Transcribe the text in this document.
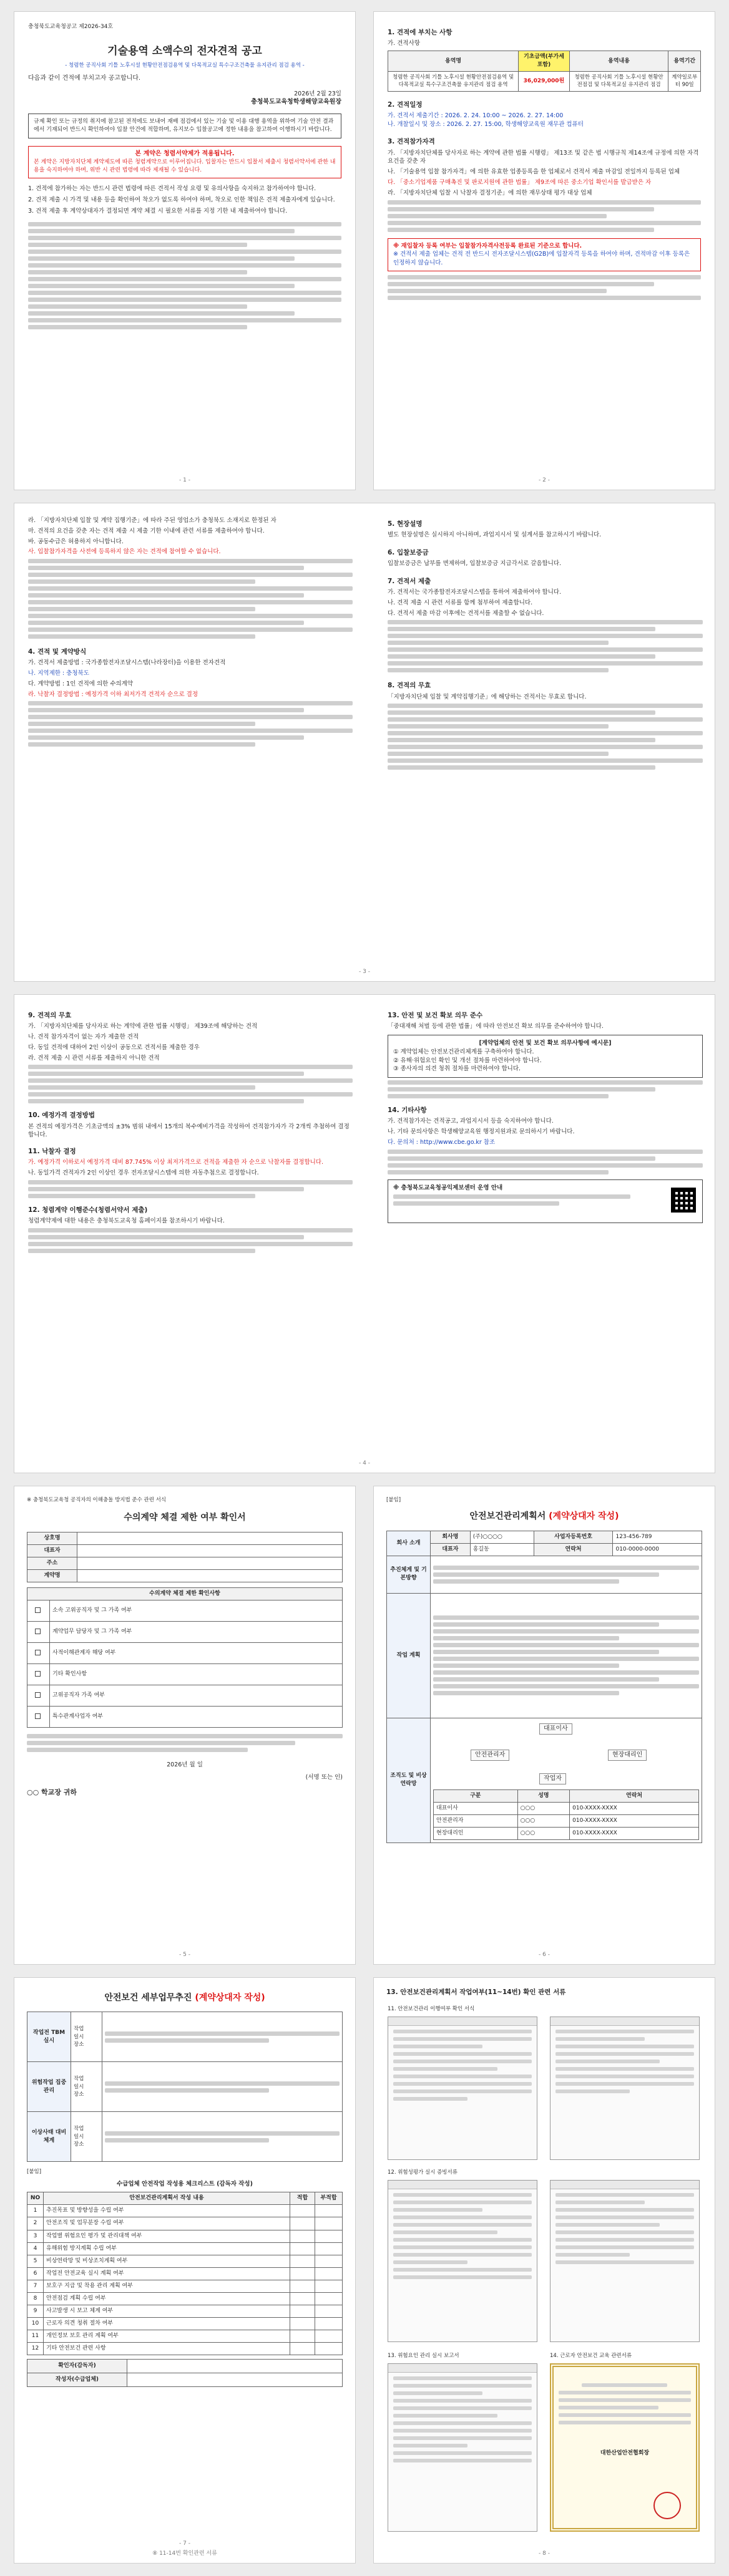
충청북도교육청공고 제2026-34호
기술용역 소액수의 전자견적 공고
- 청렴한 공직사회 기틀 노후시설 현황안전점검용역 및 다목적교실 특수구조건축물 유지관리 점검 용역 -
다음과 같이 견적에 부치고자 공고합니다.
2026년 2월 23일
충청북도교육청학생해양교육원장
규제 확인 또는 규정의 취지에 참고된 전적에도 보내어 재배 점검에서 있는 기술 및 이용 대행 용역을 위하여 기술 안전 결과에서 기재되어 반드시 확인하여야 입찰 안건에 적합하며, 유지보수 입찰공고에 정한 내용을 참고하여 이행하시기 바랍니다.
본 계약은 청렴서약제가 적용됩니다.
본 계약은 지방자치단체 계약제도에 따른 청렴계약으로 이루어집니다. 입찰자는 반드시 입찰서 제출시 청렴서약서에 관한 내용을 숙지하여야 하며, 위반 시 관련 법령에 따라 제재될 수 있습니다.
1. 견적에 참가하는 자는 반드시 관련 법령에 따른 견적서 작성 요령 및 유의사항을 숙지하고 참가하여야 합니다.
2. 견적 제출 시 가격 및 내용 등을 확인하여 착오가 없도록 하여야 하며, 착오로 인한 책임은 견적 제출자에게 있습니다.
3. 견적 제출 후 계약상대자가 결정되면 계약 체결 시 필요한 서류를 지정 기한 내 제출하여야 합니다.
- 1 -
1. 견적에 부치는 사항
가. 견적사항
용역명	기초금액(부가세포함)	용역내용	용역기간
청렴한 공직사회 기틀 노후시설 현황안전점검용역 및 다목적교실 특수구조건축물 유지관리 점검 용역	36,029,000원	청렴한 공직사회 기틀 노후시설 현황안전점검 및 다목적교실 유지관리 점검	계약일로부터 90일
2. 견적일정
가. 견적서 제출기간 : 2026. 2. 24. 10:00 ~ 2026. 2. 27. 14:00
나. 개찰일시 및 장소 : 2026. 2. 27. 15:00, 학생해양교육원 재무관 컴퓨터
3. 견적참가자격
가. 「지방자치단체를 당사자로 하는 계약에 관한 법률 시행령」 제13조 및 같은 법 시행규칙 제14조에 규정에 의한 자격요건을 갖춘 자
나. 「기술용역 입찰 참가자격」에 의한 유효한 업종등록을 한 업체로서 견적서 제출 마감일 전일까지 등록된 업체
다. 「중소기업제품 구매촉진 및 판로지원에 관한 법률」 제9조에 따른 중소기업 확인서를 발급받은 자
라. 「지방자치단체 입찰 시 낙찰자 결정기준」에 의한 재무상태 평가 대상 업체
※ 재입찰자 등록 여부는 입찰참가자격사전등록 완료된 기준으로 합니다.
※ 견적서 제출 업체는 견적 전 반드시 전자조달시스템(G2B)에 입찰자격 등록을 하여야 하며, 견적마감 이후 등록은 인정하지 않습니다.
- 2 -
라. 「지방자치단체 입찰 및 계약 집행기준」에 따라 주된 영업소가 충청북도 소재지로 한정된 자
마. 견적의 요건을 갖춘 자는 견적 제출 시 제출 기한 이내에 관련 서류를 제출하여야 합니다.
바. 공동수급은 허용하지 아니합니다.
사. 입찰참가자격을 사전에 등록하지 않은 자는 견적에 참여할 수 없습니다.
4. 견적 및 계약방식
가. 견적서 제출방법 : 국가종합전자조달시스템(나라장터)을 이용한 전자견적
나. 지역제한 : 충청북도
다. 계약방법 : 1인 견적에 의한 수의계약
라. 낙찰자 결정방법 : 예정가격 이하 최저가격 견적자 순으로 결정
5. 현장설명
별도 현장설명은 실시하지 아니하며, 과업지시서 및 설계서를 참고하시기 바랍니다.
6. 입찰보증금
입찰보증금은 납부를 면제하며, 입찰보증금 지급각서로 갈음합니다.
7. 견적서 제출
가. 견적서는 국가종합전자조달시스템을 통하여 제출하여야 합니다.
나. 견적 제출 시 관련 서류를 함께 첨부하여 제출합니다.
다. 견적서 제출 마감 이후에는 견적서를 제출할 수 없습니다.
8. 견적의 무효
「지방자치단체 입찰 및 계약집행기준」에 해당하는 견적서는 무효로 합니다.
- 3 -
9. 견적의 무효
가. 「지방자치단체를 당사자로 하는 계약에 관한 법률 시행령」 제39조에 해당하는 견적
나. 견적 참가자격이 없는 자가 제출한 견적
다. 동일 견적에 대하여 2인 이상이 공동으로 견적서를 제출한 경우
라. 견적 제출 시 관련 서류를 제출하지 아니한 견적
10. 예정가격 결정방법
본 견적의 예정가격은 기초금액의 ±3% 범위 내에서 15개의 복수예비가격을 작성하여 견적참가자가 각 2개씩 추첨하여 결정합니다.
11. 낙찰자 결정
가. 예정가격 이하로서 예정가격 대비 87.745% 이상 최저가격으로 견적을 제출한 자 순으로 낙찰자를 결정합니다.
나. 동일가격 견적자가 2인 이상인 경우 전자조달시스템에 의한 자동추첨으로 결정합니다.
12. 청렴계약 이행준수(청렴서약서 제출)
청렴계약제에 대한 내용은 충청북도교육청 홈페이지를 참조하시기 바랍니다.
13. 안전 및 보건 확보 의무 준수
「중대재해 처벌 등에 관한 법률」에 따라 안전보건 확보 의무를 준수하여야 합니다.
[계약업체의 안전 및 보건 확보 의무사항에 예시문]
① 계약업체는 안전보건관리체계를 구축하여야 합니다.
② 유해·위험요인 확인 및 개선 절차를 마련하여야 합니다.
③ 종사자의 의견 청취 절차를 마련하여야 합니다.
14. 기타사항
가. 견적참가자는 견적공고, 과업지시서 등을 숙지하여야 합니다.
나. 기타 문의사항은 학생해양교육원 행정지원과로 문의하시기 바랍니다.
다. 문의처 : http://www.cbe.go.kr 참조
※ 충청북도교육청공익제보센터 운영 안내
- 4 -
※ 충청북도교육청 공직자의 이해충돌 방지법 준수 관련 서식
수의계약 체결 제한 여부 확인서
상호명	
대표자	
주소	
계약명	
수의계약 체결 제한 확인사항	
	소속 고위공직자 및 그 가족 여부
	계약업무 담당자 및 그 가족 여부
	사적이해관계자 해당 여부
	기타 확인사항
	고위공직자 가족 여부
	특수관계사업자 여부
2026년 월 일
(서명 또는 인)
○○ 학교장 귀하
- 5 -
[붙임]
안전보건관리계획서 (계약상대자 작성)
회사 소개	회사명	(주)○○○○	사업자등록번호	123-456-789
대표자	홍길동	연락처	010-0000-0000
추진체계 및 기본방향	

작업 계획	

조직도 및 비상연락망	
대표이사
안전관리자	현장대리인
작업자
구분	성명	연락처
대표이사	○○○	010-XXXX-XXXX
안전관리자	○○○	010-XXXX-XXXX
현장대리인	○○○	010-XXXX-XXXX
- 6 -
안전보건 세부업무추진 (계약상대자 작성)
작업전 TBM 실시	작업
일시
장소	

위험작업 집중관리	작업
일시
장소	

이상사태 대비 체계	작업
일시
장소	

[붙임]
수급업체 안전작업 작성용 체크리스트 (감독자 작성)
NO	안전보건관리계획서 작성 내용	적합	부적합
1	추진목표 및 방향성을 수립 여부		
2	안전조직 및 업무분장 수립 여부		
3	작업별 위험요인 평가 및 관리대책 여부		
4	유해위험 방지계획 수립 여부		
5	비상연락망 및 비상조치계획 여부		
6	작업전 안전교육 실시 계획 여부		
7	보호구 지급 및 착용 관리 계획 여부		
8	안전점검 계획 수립 여부		
9	사고발생 시 보고 체계 여부		
10	근로자 의견 청취 절차 여부		
11	개인정보 보호 관리 계획 여부		
12	기타 안전보건 관련 사항		
확인자(감독자)	
작성자(수급업체)	
- 7 -
⑧ 11-14번 확인관련 서류
13. 안전보건관리계획서 작업여부(11~14번) 확인 관련 서류
11. 안전보건관리 이행여부 확인 서식
12. 위험성평가 실시 증빙서류
13. 위험요인 관리 실시 보고서	14. 근로자 안전보건 교육 관련서류
대한산업안전협회장
- 8 -
